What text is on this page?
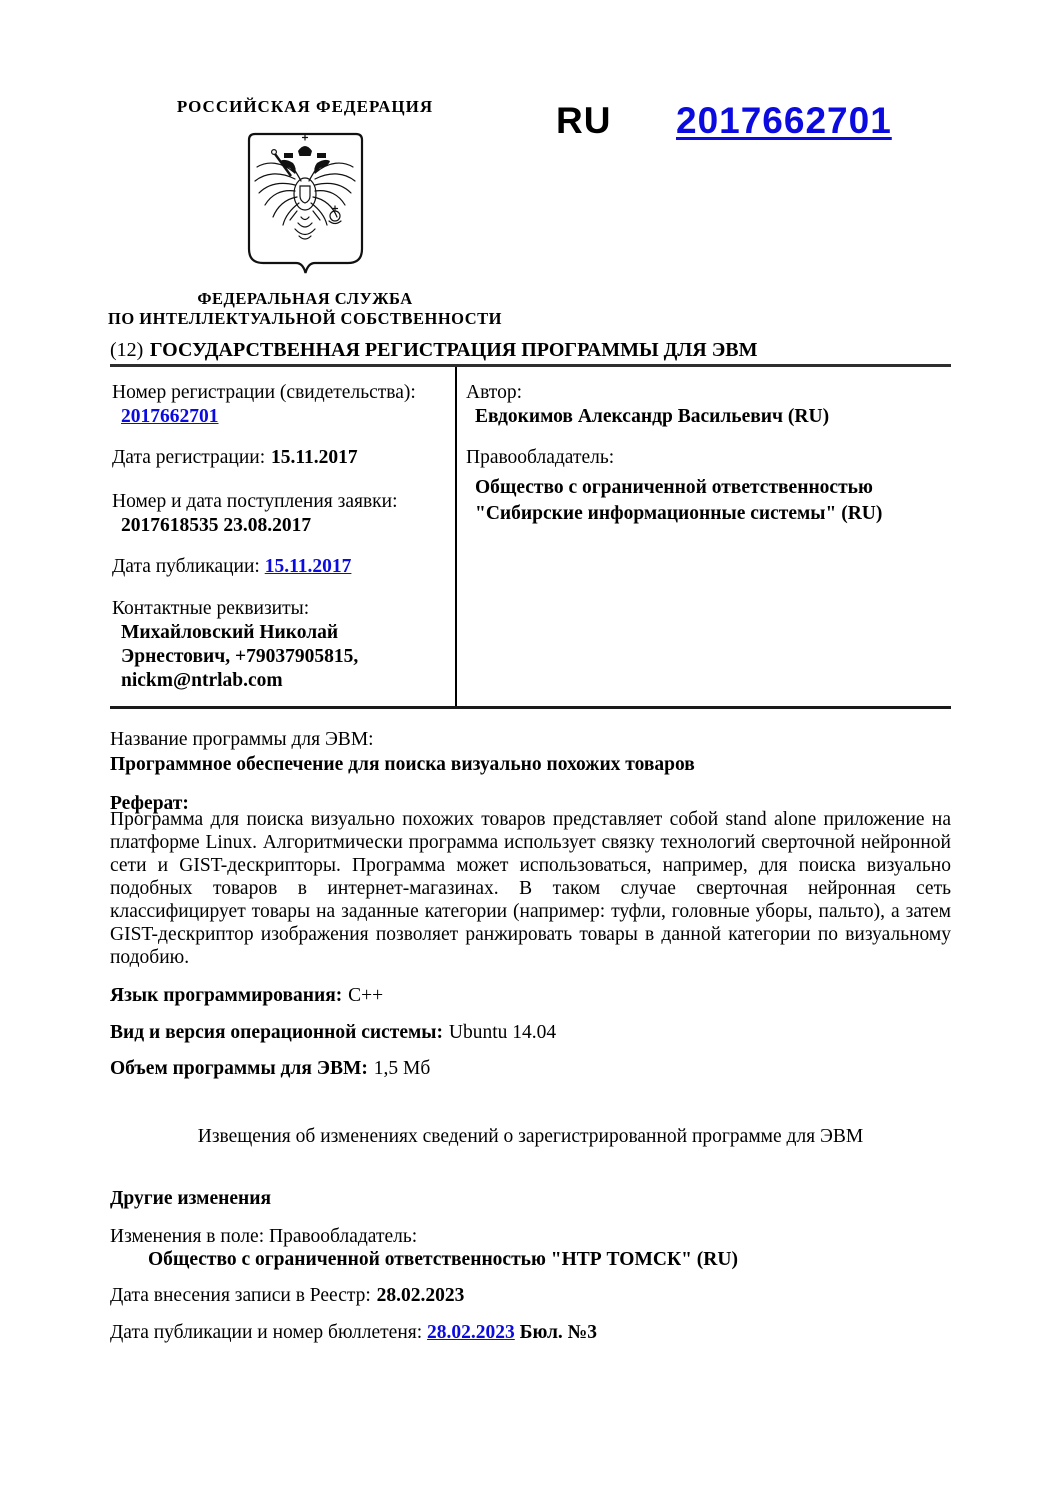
РОССИЙСКАЯ ФЕДЕРАЦИЯ
ФЕДЕРАЛЬНАЯ СЛУЖБА
ПО ИНТЕЛЛЕКТУАЛЬНОЙ СОБСТВЕННОСТИ
RU 2017662701
(12) ГОСУДАРСТВЕННАЯ РЕГИСТРАЦИЯ ПРОГРАММЫ ДЛЯ ЭВМ
Номер регистрации (свидетельства):
2017662701
Дата регистрации: 15.11.2017
Номер и дата поступления заявки:
2017618535 23.08.2017
Дата публикации: 15.11.2017
Контактные реквизиты:
Михайловский Николай
Эрнестович, +79037905815,
nickm@ntrlab.com
Автор:
Евдокимов Александр Васильевич (RU)
Правообладатель:
Общество с ограниченной ответственностью
"Сибирские информационные системы" (RU)
Название программы для ЭВМ:
Программное обеспечение для поиска визуально похожих товаров
Реферат:

Программа для поиска визуально похожих товаров представляет собой stand alone приложение на платформе Linux. Алгоритмически программа использует связку технологий сверточной нейронной сети и GIST-дескрипторы. Программа может использоваться, например, для поиска визуально подобных товаров в интернет-магазинах. В таком случае сверточная нейронная сеть классифицирует товары на заданные категории (например: туфли, головные уборы, пальто), а затем GIST-дескриптор изображения позволяет ранжировать товары в данной категории по визуальному подобию.

Язык программирования: C++
Вид и версия операционной системы: Ubuntu 14.04
Объем программы для ЭВМ: 1,5 Мб
Извещения об изменениях сведений о зарегистрированной программе для ЭВМ
Другие изменения
Изменения в поле: Правообладатель:
Общество с ограниченной ответственностью "НТР ТОМСК" (RU)
Дата внесения записи в Реестр: 28.02.2023
Дата публикации и номер бюллетеня: 28.02.2023 Бюл. №3
